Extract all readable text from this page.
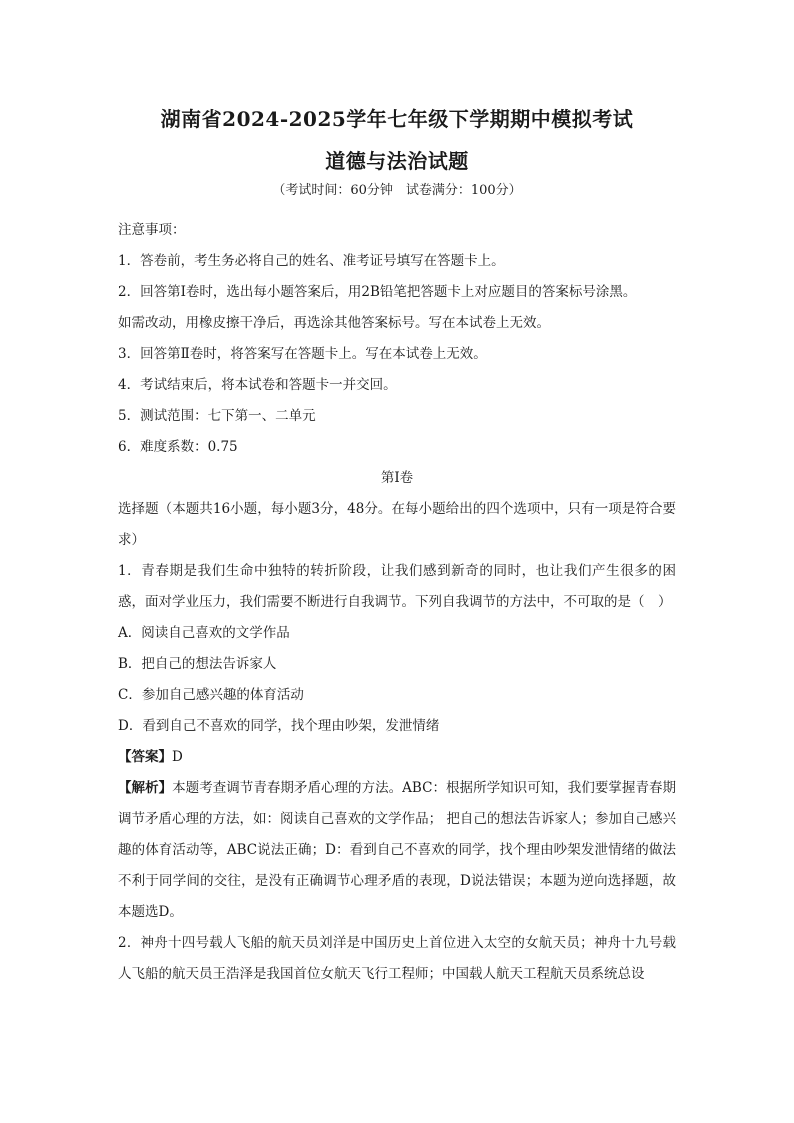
湖南省2024-2025学年七年级下学期期中模拟考试

道德与法治试题

（考试时间：60分钟　试卷满分：100分）

注意事项：

1．答卷前，考生务必将自己的姓名、准考证号填写在答题卡上。

2．回答第Ⅰ卷时，选出每小题答案后，用2B铅笔把答题卡上对应题目的答案标号涂黑。

如需改动，用橡皮擦干净后，再选涂其他答案标号。写在本试卷上无效。

3．回答第Ⅱ卷时，将答案写在答题卡上。写在本试卷上无效。

4．考试结束后，将本试卷和答题卡一并交回。

5．测试范围：七下第一、二单元

6．难度系数：0.75

第Ⅰ卷

选择题（本题共16小题，每小题3分，48分。在每小题给出的四个选项中，只有一项是符合要求）

1．青春期是我们生命中独特的转折阶段，让我们感到新奇的同时，也让我们产生很多的困惑，面对学业压力，我们需要不断进行自我调节。下列自我调节的方法中，不可取的是（　）

A．阅读自己喜欢的文学作品

B．把自己的想法告诉家人

C．参加自己感兴趣的体育活动

D．看到自己不喜欢的同学，找个理由吵架，发泄情绪

【答案】D

【解析】本题考查调节青春期矛盾心理的方法。ABC：根据所学知识可知，我们要掌握青春期调节矛盾心理的方法，如：阅读自己喜欢的文学作品； 把自己的想法告诉家人；参加自己感兴趣的体育活动等，ABC说法正确；D：看到自己不喜欢的同学，找个理由吵架发泄情绪的做法不利于同学间的交往，是没有正确调节心理矛盾的表现，D说法错误；本题为逆向选择题，故本题选D。

2．神舟十四号载人飞船的航天员刘洋是中国历史上首位进入太空的女航天员；神舟十九号载人飞船的航天员王浩泽是我国首位女航天飞行工程师；中国载人航天工程航天员系统总设
